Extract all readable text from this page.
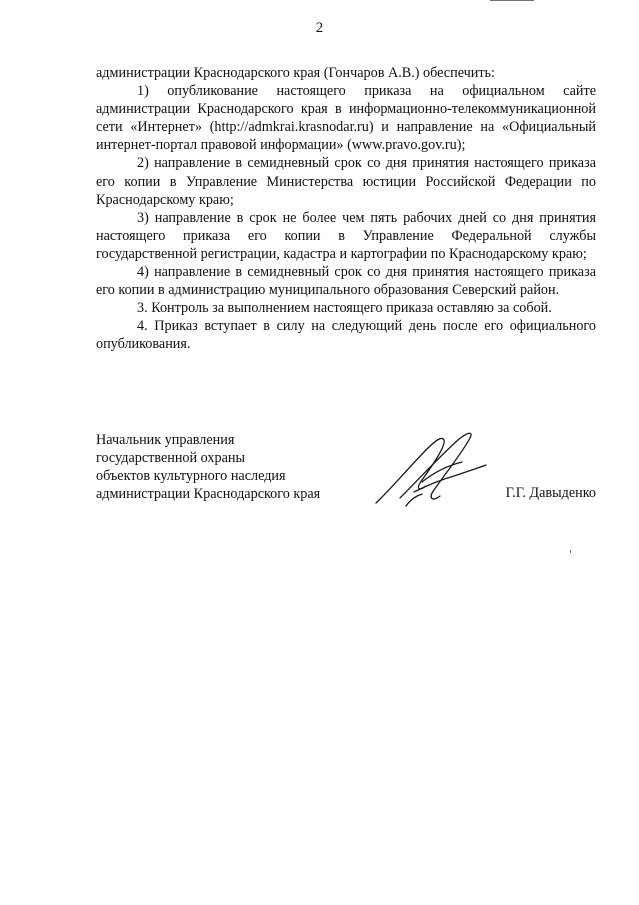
2

администрации Краснодарского края (Гончаров А.В.) обеспечить:

1) опубликование настоящего приказа на официальном сайте администрации Краснодарского края в информационно-телекоммуникационной сети «Интернет» (http://admkrai.krasnodar.ru) и направление на «Официальный интернет-портал правовой информации» (www.pravo.gov.ru);

2) направление в семидневный срок со дня принятия настоящего приказа его копии в Управление Министерства юстиции Российской Федерации по Краснодарскому краю;

3) направление в срок не более чем пять рабочих дней со дня принятия настоящего приказа его копии в Управление Федеральной службы государственной регистрации, кадастра и картографии по Краснодарскому краю;

4) направление в семидневный срок со дня принятия настоящего приказа его копии в администрацию муниципального образования Северский район.

3. Контроль за выполнением настоящего приказа оставляю за собой.

4. Приказ вступает в силу на следующий день после его официального опубликования.

Начальник управления
государственной охраны
объектов культурного наследия
администрации Краснодарского края	Г.Г. Давыденко
